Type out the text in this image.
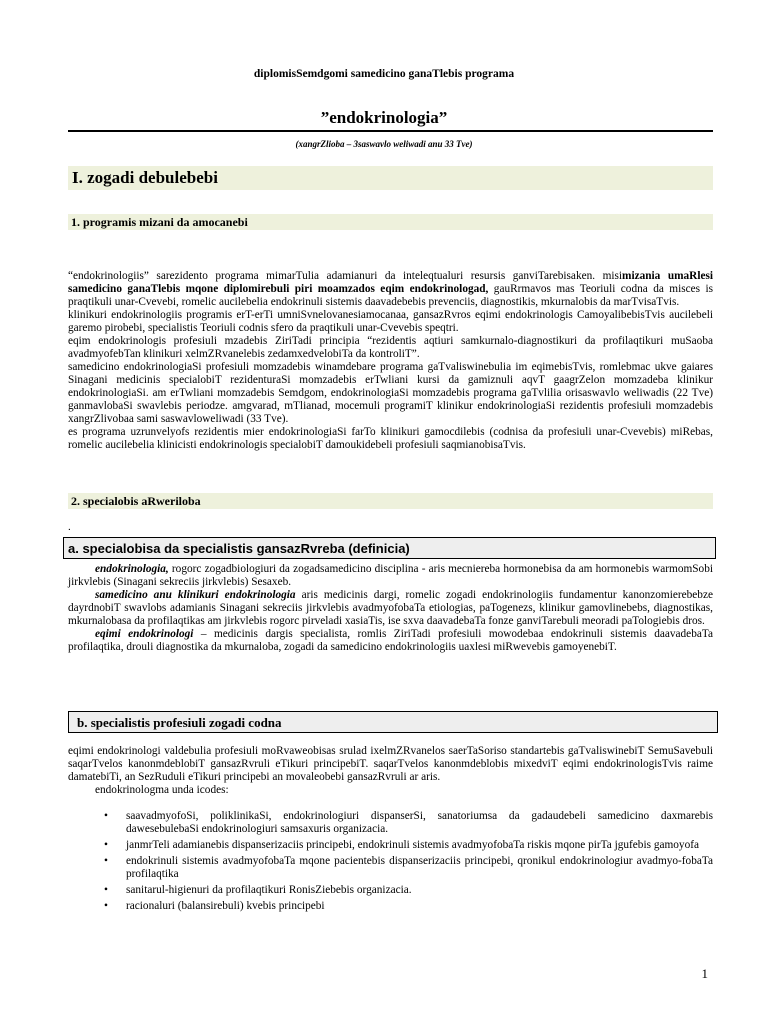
diplomisSemdgomi samedicino ganaTlebis programa
”endokrinologia”
(xangrZlioba – 3saswavlo weliwadi anu 33 Tve)
I. zogadi debulebebi
1. programis mizani da amocanebi

“endokrinologiis” sarezidento programa mimarTulia adamianuri da inteleqtualuri resursis ganviTarebisaken. misimizania umaRlesi samedicino ganaTlebis mqone diplomirebuli piri moamzados eqim endokrinologad, gauRrmavos mas Teoriuli codna da misces is praqtikuli unar-Cvevebi, romelic aucilebelia endokrinuli sistemis daavadebebis prevenciis, diagnostikis, mkurnalobis da marTvisaTvis.

klinikuri endokrinologiis programis erT-erTi umniSvnelovanesiamocanaa, gansazRvros eqimi endokrinologis CamoyalibebisTvis aucilebeli garemo pirobebi, specialistis Teoriuli codnis sfero da praqtikuli unar-Cvevebis speqtri.

eqim endokrinologis profesiuli mzadebis ZiriTadi principia “rezidentis aqtiuri samkurnalo-diagnostikuri da profilaqtikuri muSaoba avadmyofebTan klinikuri xelmZRvanelebis zedamxedvelobiTa da kontroliT”.

samedicino endokrinologiaSi profesiuli momzadebis winamdebare programa gaTvaliswinebulia im eqimebisTvis, romlebmac ukve gaiares Sinagani medicinis specialobiT rezidenturaSi momzadebis erTwliani kursi da gamiznuli aqvT gaagrZelon momzadeba klinikur endokrinologiaSi. am erTwliani momzadebis Semdgom, endokrinologiaSi momzadebis programa gaTvlilia orisaswavlo weliwadis (22 Tve) ganmavlobaSi swavlebis periodze. amgvarad, mTlianad, mocemuli programiT klinikur endokrinologiaSi rezidentis profesiuli momzadebis xangrZlivobaa sami saswavloweliwadi (33 Tve).

es programa uzrunvelyofs rezidentis mier endokrinologiaSi farTo klinikuri gamocdilebis (codnisa da profesiuli unar-Cvevebis) miRebas, romelic aucilebelia klinicisti endokrinologis specialobiT damoukidebeli profesiuli saqmianobisaTvis.

2. specialobis aRweriloba
.
a. specialobisa da specialistis gansazRvreba (definicia)

endokrinologia, rogorc zogadbiologiuri da zogadsamedicino disciplina - aris mecniereba hormonebisa da am hormonebis warmomSobi jirkvlebis (Sinagani sekreciis jirkvlebis) Sesaxeb.

samedicino anu klinikuri endokrinologia aris medicinis dargi, romelic zogadi endokrinologiis fundamentur kanonzomierebebze dayrdnobiT swavlobs adamianis Sinagani sekreciis jirkvlebis avadmyofobaTa etiologias, paTogenezs, klinikur gamovlinebebs, diagnostikas, mkurnalobasa da profilaqtikas am jirkvlebis rogorc pirveladi xasiaTis, ise sxva daavadebaTa fonze ganviTarebuli meoradi paTologiebis dros.

eqimi endokrinologi – medicinis dargis specialista, romlis ZiriTadi profesiuli mowodebaa endokrinuli sistemis daavadebaTa profilaqtika, drouli diagnostika da mkurnaloba, zogadi da samedicino endokrinologiis uaxlesi miRwevebis gamoyenebiT.

b. specialistis profesiuli zogadi codna

eqimi endokrinologi valdebulia profesiuli moRvaweobisas srulad ixelmZRvanelos saerTaSoriso standartebis gaTvaliswinebiT SemuSavebuli saqarTvelos kanonmdeblobiT gansazRvruli eTikuri principebiT. saqarTvelos kanonmdeblobis mixedviT eqimi endokrinologisTvis raime damatebiTi, an SezRuduli eTikuri principebi an movaleobebi gansazRvruli ar aris.

endokrinologma unda icodes:

•	saavadmyofoSi, poliklinikaSi, endokrinologiuri dispanserSi, sanatoriumsa da gadaudebeli samedicino daxmarebis dawesebulebaSi endokrinologiuri samsaxuris organizacia.
•	janmrTeli adamianebis dispanserizaciis principebi, endokrinuli sistemis avadmyofobaTa riskis mqone pirTa jgufebis gamoyofa
•	endokrinuli sistemis avadmyofobaTa mqone pacientebis dispanserizaciis principebi, qronikul endokrinologiur avadmyo-fobaTa profilaqtika
•	sanitarul-higienuri da profilaqtikuri RonisZiebebis organizacia.
•	racionaluri (balansirebuli) kvebis principebi
1
